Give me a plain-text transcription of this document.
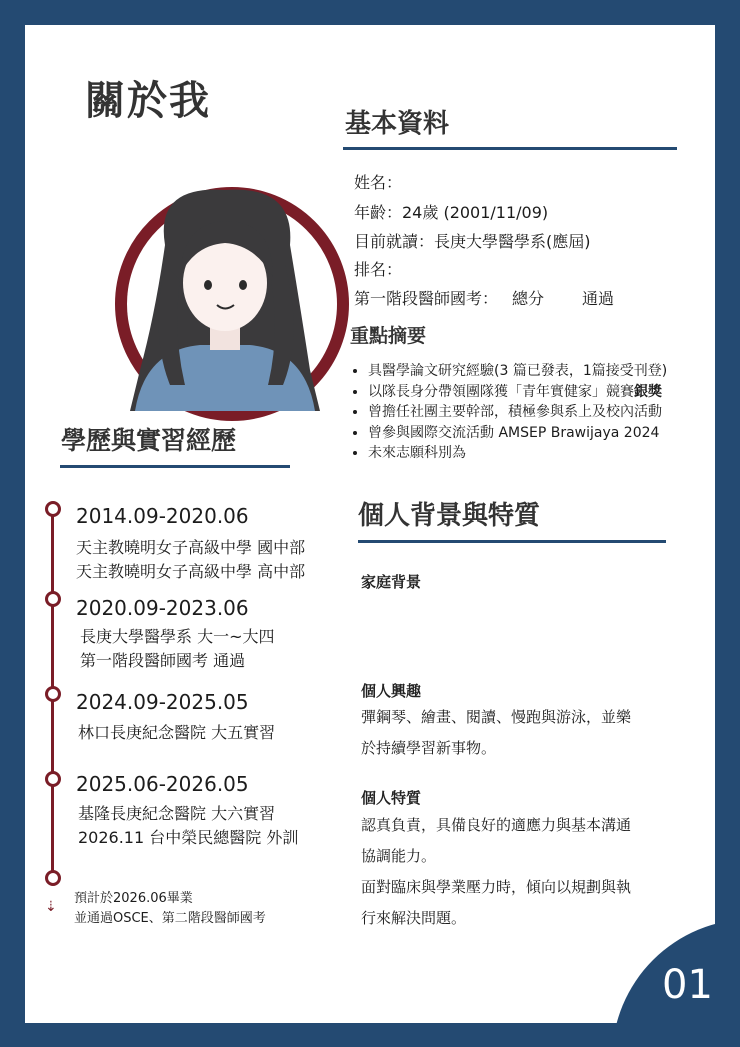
關於我	基本資料
姓名：
年齡：24歲 (2001/11/09)
目前就讀：長庚大學醫學系(應屆)
排名：
第一階段醫師國考： 總分 通過
重點摘要
• 具醫學論文研究經驗(3 篇已發表，1篇接受刊登)
• 以隊長身分帶領團隊獲「青年實健家」競賽銀獎
• 曾擔任社團主要幹部，積極參與系上及校內活動
• 曾參與國際交流活動 AMSEP Brawijaya 2024
• 未來志願科別為
學歷與實習經歷
⇣
2014.09-2020.06
天主教曉明女子高級中學 國中部
天主教曉明女子高級中學 高中部
2020.09-2023.06
長庚大學醫學系 大一~大四
第一階段醫師國考 通過
2024.09-2025.05
林口長庚紀念醫院 大五實習
2025.06-2026.05
基隆長庚紀念醫院 大六實習
2026.11 台中榮民總醫院 外訓
預計於2026.06畢業
並通過OSCE、第二階段醫師國考
個人背景與特質
家庭背景
個人興趣
彈鋼琴、繪畫、閱讀、慢跑與游泳，並樂
於持續學習新事物。
個人特質
認真負責，具備良好的適應力與基本溝通
協調能力。
面對臨床與學業壓力時，傾向以規劃與執
行來解決問題。
01
